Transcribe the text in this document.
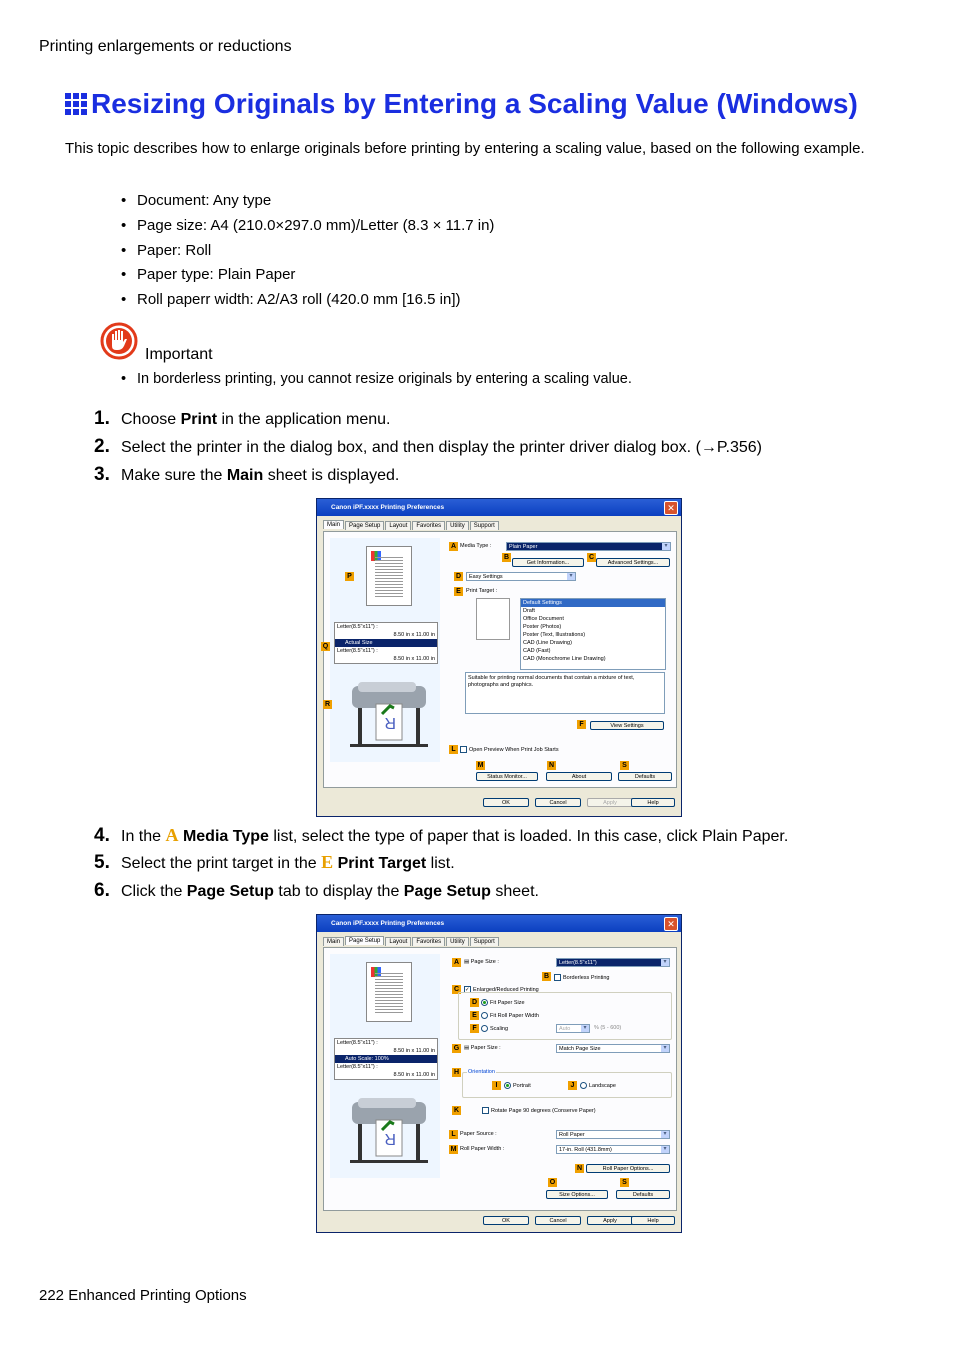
Printing enlargements or reductions
Resizing Originals by Entering a Scaling Value (Windows)
This topic describes how to enlarge originals before printing by entering a scaling value, based on the following example.
• Document: Any type
• Page size: A4 (210.0×297.0 mm)/Letter (8.3 × 11.7 in)
• Paper: Roll
• Paper type: Plain Paper
• Roll paperr width: A2/A3 roll (420.0 mm [16.5 in])
Important
• In borderless printing, you cannot resize originals by entering a scaling value.
1. Choose Print in the application menu.
2. Select the printer in the dialog box, and then display the printer driver dialog box. (→P.356)
3. Make sure the Main sheet is displayed.
Canon iPF.xxxx Printing Preferences	✕
Main	Page Setup	Layout	Favorites	Utility	Support
Letter(8.5"x11") :
8.50 in x 11.00 in
Actual Size
Letter(8.5"x11") :
8.50 in x 11.00 in
R
P
Q
R
A Media Type :	Plain Paper ▾
B
Get Information...
C
Advanced Settings...
D	Easy Settings ▾
E Print Target :
Default Settings
Draft
Office Document
Poster (Photos)
Poster (Text, Illustrations)
CAD (Line Drawing)
CAD (Fast)
CAD (Monochrome Line Drawing)
Suitable for printing normal documents that contain a mixture of text, photographs and graphics.
F	View Settings
L	Open Preview When Print Job Starts
M
Status Monitor...
N
About
S
Defaults
OK	Cancel	Apply	Help
4. In the A Media Type list, select the type of paper that is loaded. In this case, click Plain Paper.
5. Select the print target in the E Print Target list.
6. Click the Page Setup tab to display the Page Setup sheet.
Canon iPF.xxxx Printing Preferences	✕
Main	Page Setup	Layout	Favorites	Utility	Support
Letter(8.5"x11") :
8.50 in x 11.00 in
Auto Scale: 100%
Letter(8.5"x11") :
8.50 in x 11.00 in
R
A ▤ Page Size :	Letter(8.5"x11") ▾
B	Borderless Printing
C	✓ Enlarged/Reduced Printing
D	Fit Paper Size
E	Fit Roll Paper Width
F	Scaling	Auto ▾	% (5 - 600)
G ▤ Paper Size :	Match Page Size ▾
H	Orientation
I	Portrait	J	Landscape
K	Rotate Page 90 degrees (Conserve Paper)
L Paper Source :	Roll Paper ▾
M Roll Paper Width :	17-in. Roll (431.8mm) ▾
N	Roll Paper Options...
O
Size Options...
S
Defaults
OK	Cancel	Apply	Help
222 Enhanced Printing Options
